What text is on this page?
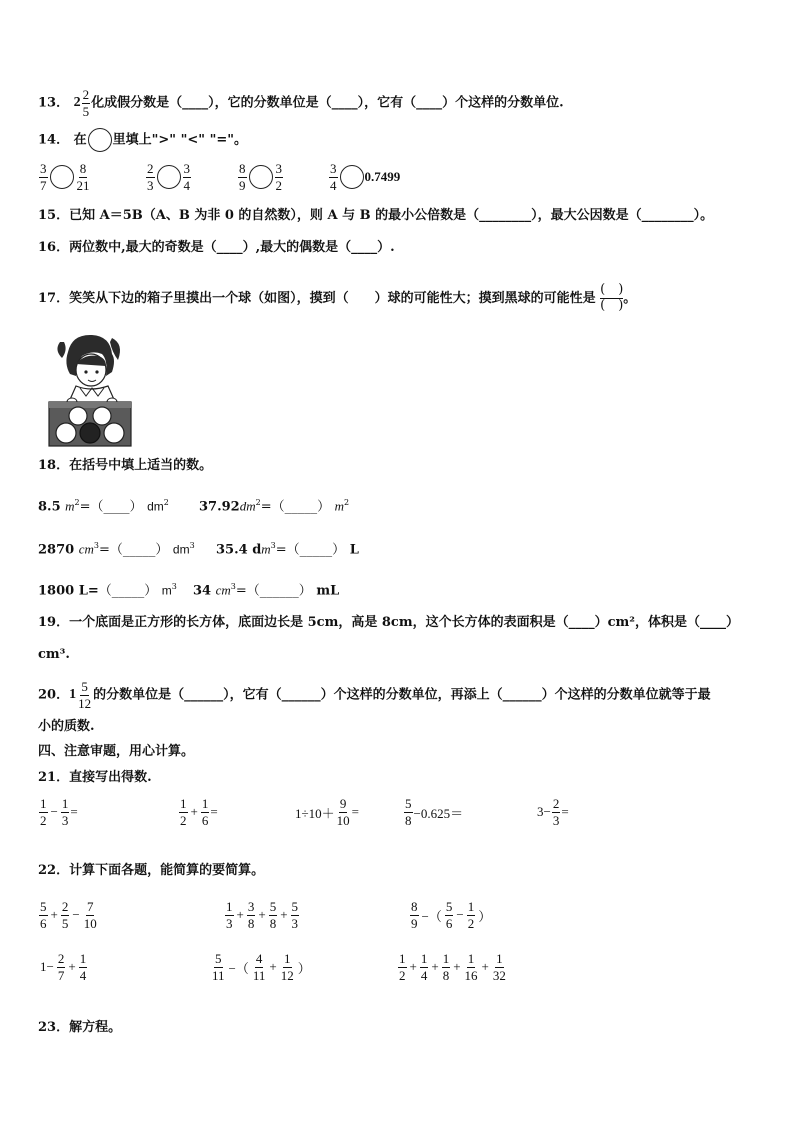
13． $2 \frac{2}{5}$ 化成假分数是（____），它的分数单位是（____），它有（____）个这样的分数单位.
14． 在 里填上">" "<" "="。
$\frac{3}{7} \frac{8}{21}$	$\frac{2}{3} \frac{3}{4}$	$\frac{8}{9} \frac{3}{2}$	$\frac{3}{4} 0.7499$
15．已知 A＝5B（A、B 为非 0 的自然数），则 A 与 B 的最小公倍数是（________），最大公因数是（________）。
16．两位数中,最大的奇数是（____）,最大的偶数是（____）.
17．笑笑从下边的箱子里摸出一个球（如图），摸到（　　）球的可能性大；摸到黑球的可能性是
(　)
(　) 。
18．在括号中填上适当的数。
8.5 $m^2=(\_\_\_\_)$ $dm^2$ $37.92dm^2=(\_\_\_\_\_)$ $m^2$
2870 $cm^3=(\_\_\_\_\_)$ $dm^3$ 35.4 $dm^3=(\_\_\_\_\_)$ L
1800 L=（_____） $m^3$ 34 $cm^3=(\_\_\_\_\_\_)$ mL
19．一个底面是正方形的长方体，底面边长是 5cm，高是 8cm，这个长方体的表面积是（____）cm²，体积是（____）
cm³.
20．$1 \frac{5}{12}$ 的分数单位是（______），它有（______）个这样的分数单位，再添上（______）个这样的分数单位就等于最
小的质数.
四、注意审题，用心计算。
21．直接写出得数.
$\frac{1}{2} - \frac{1}{3}$ =	$\frac{1}{2} + \frac{1}{6}$ =	$1\div 10+ \frac{9}{10}$ =	$\frac{5}{8} -0.625=$	$3- \frac{2}{3}$ =
22．计算下面各题，能简算的要简算。
$\frac{5}{6} + \frac{2}{5} - \frac{7}{10}$	$\frac{1}{3} + \frac{3}{8} + \frac{5}{8} + \frac{5}{3}$	$\frac{8}{9}$ −（ $\frac{5}{6} - \frac{1}{2}$ ）
$1- \frac{2}{7} + \frac{1}{4}$	$\frac{5}{11}$ −（ $\frac{4}{11} + \frac{1}{12}$ ）	$\frac{1}{2} + \frac{1}{4} + \frac{1}{8} + \frac{1}{16} + \frac{1}{32}$
23．解方程。
